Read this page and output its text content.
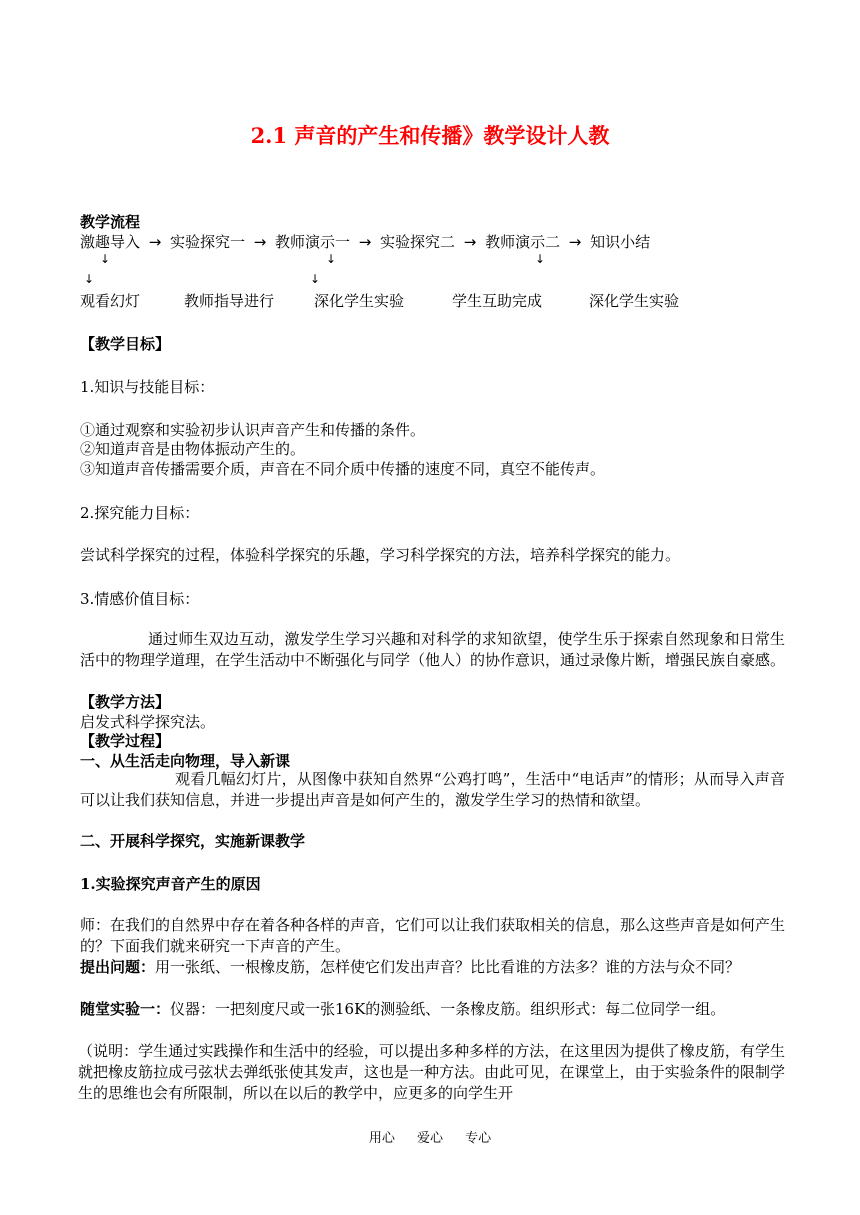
2.1 声音的产生和传播》教学设计人教
教学流程
激趣导入 → 实验探究一 → 教师演示一 → 实验探究二 → 教师演示二 → 知识小结
↓	↓	↓
↓	↓
观看幻灯	教师指导进行	深化学生实验	学生互助完成	深化学生实验
【教学目标】
1.知识与技能目标：
①通过观察和实验初步认识声音产生和传播的条件。
②知道声音是由物体振动产生的。
③知道声音传播需要介质，声音在不同介质中传播的速度不同，真空不能传声。
2.探究能力目标：
尝试科学探究的过程，体验科学探究的乐趣，学习科学探究的方法，培养科学探究的能力。
3.情感价值目标：
通过师生双边互动，激发学生学习兴趣和对科学的求知欲望，使学生乐于探索自然现象和日常生活中的物理学道理，在学生活动中不断强化与同学（他人）的协作意识，通过录像片断，增强民族自豪感。
【教学方法】
启发式科学探究法。
【教学过程】
一、从生活走向物理，导入新课
观看几幅幻灯片，从图像中获知自然界“公鸡打鸣”，生活中“电话声”的情形；从而导入声音可以让我们获知信息，并进一步提出声音是如何产生的，激发学生学习的热情和欲望。
二、开展科学探究，实施新课教学
1.实验探究声音产生的原因
师：在我们的自然界中存在着各种各样的声音，它们可以让我们获取相关的信息，那么这些声音是如何产生的？下面我们就来研究一下声音的产生。
提出问题：用一张纸、一根橡皮筋，怎样使它们发出声音？比比看谁的方法多？谁的方法与众不同？
随堂实验一：仪器：一把刻度尺或一张16K的测验纸、一条橡皮筋。组织形式：每二位同学一组。
（说明：学生通过实践操作和生活中的经验，可以提出多种多样的方法，在这里因为提供了橡皮筋，有学生就把橡皮筋拉成弓弦状去弹纸张使其发声，这也是一种方法。由此可见，在课堂上，由于实验条件的限制学生的思维也会有所限制，所以在以后的教学中，应更多的向学生开
用心 爱心 专心
